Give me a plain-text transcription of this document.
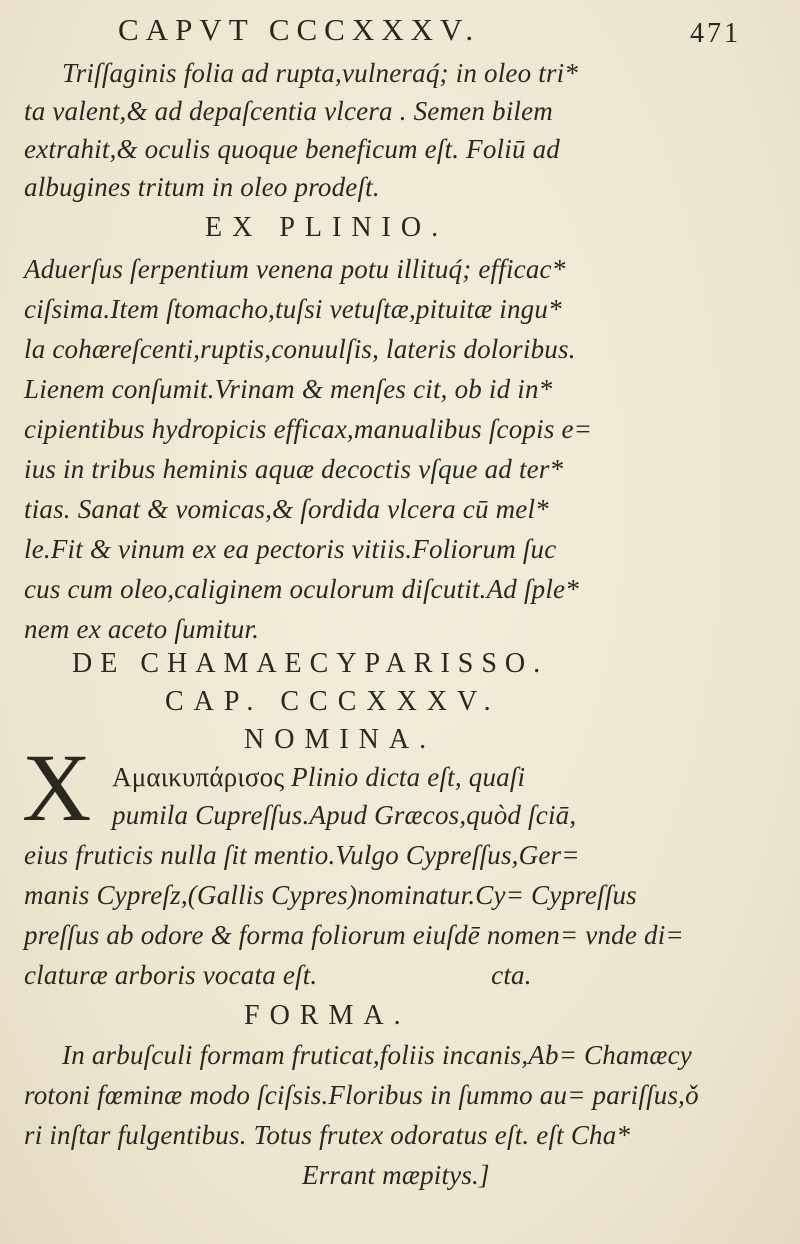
CAPVT CCCXXXV.	471
Triſſaginis folia ad rupta,vulneraq́; in oleo tri*
ta valent,& ad depaſcentia vlcera . Semen bilem
extrahit,& oculis quoque beneficum eſt. Foliū ad
albugines tritum in oleo prodeſt.
EX PLINIO.
Aduerſus ſerpentium venena potu illituq́; efficac*
ciſsima.Item ſtomacho,tuſsi vetuſtæ,pituitæ ingu*
la cohæreſcenti,ruptis,conuulſis, lateris doloribus.
Lienem conſumit.Vrinam & menſes cit, ob id in*
cipientibus hydropicis efficax,manualibus ſcopis e=
ius in tribus heminis aquæ decoctis vſque ad ter*
tias. Sanat & vomicas,& ſordida vlcera cū mel*
le.Fit & vinum ex ea pectoris vitiis.Foliorum ſuc
cus cum oleo,caliginem oculorum diſcutit.Ad ſple*
nem ex aceto ſumitur.
DE CHAMAECYPARISSO.
CAP. CCCXXXV.
NOMINA.
X Αμαικυπάρισος Plinio dicta eſt, quaſi
pumila Cupreſſus.Apud Græcos,quòd ſciā,
eius fruticis nulla ſit mentio.Vulgo Cypreſſus,Ger=
manis Cypreſz,(Gallis Cypres)nominatur.Cy= Cypreſſus
preſſus ab odore & forma foliorum eiuſdē nomen= vnde di=
claturæ arboris vocata eſt.                         cta.
FORMA.
In arbuſculi formam fruticat,foliis incanis,Ab= Chamæcy
rotoni fœminæ modo ſciſsis.Floribus in ſummo au= pariſſus,ǒ
ri inſtar fulgentibus. Totus frutex odoratus eſt. eſt Cha*
Errant mæpitys.]
